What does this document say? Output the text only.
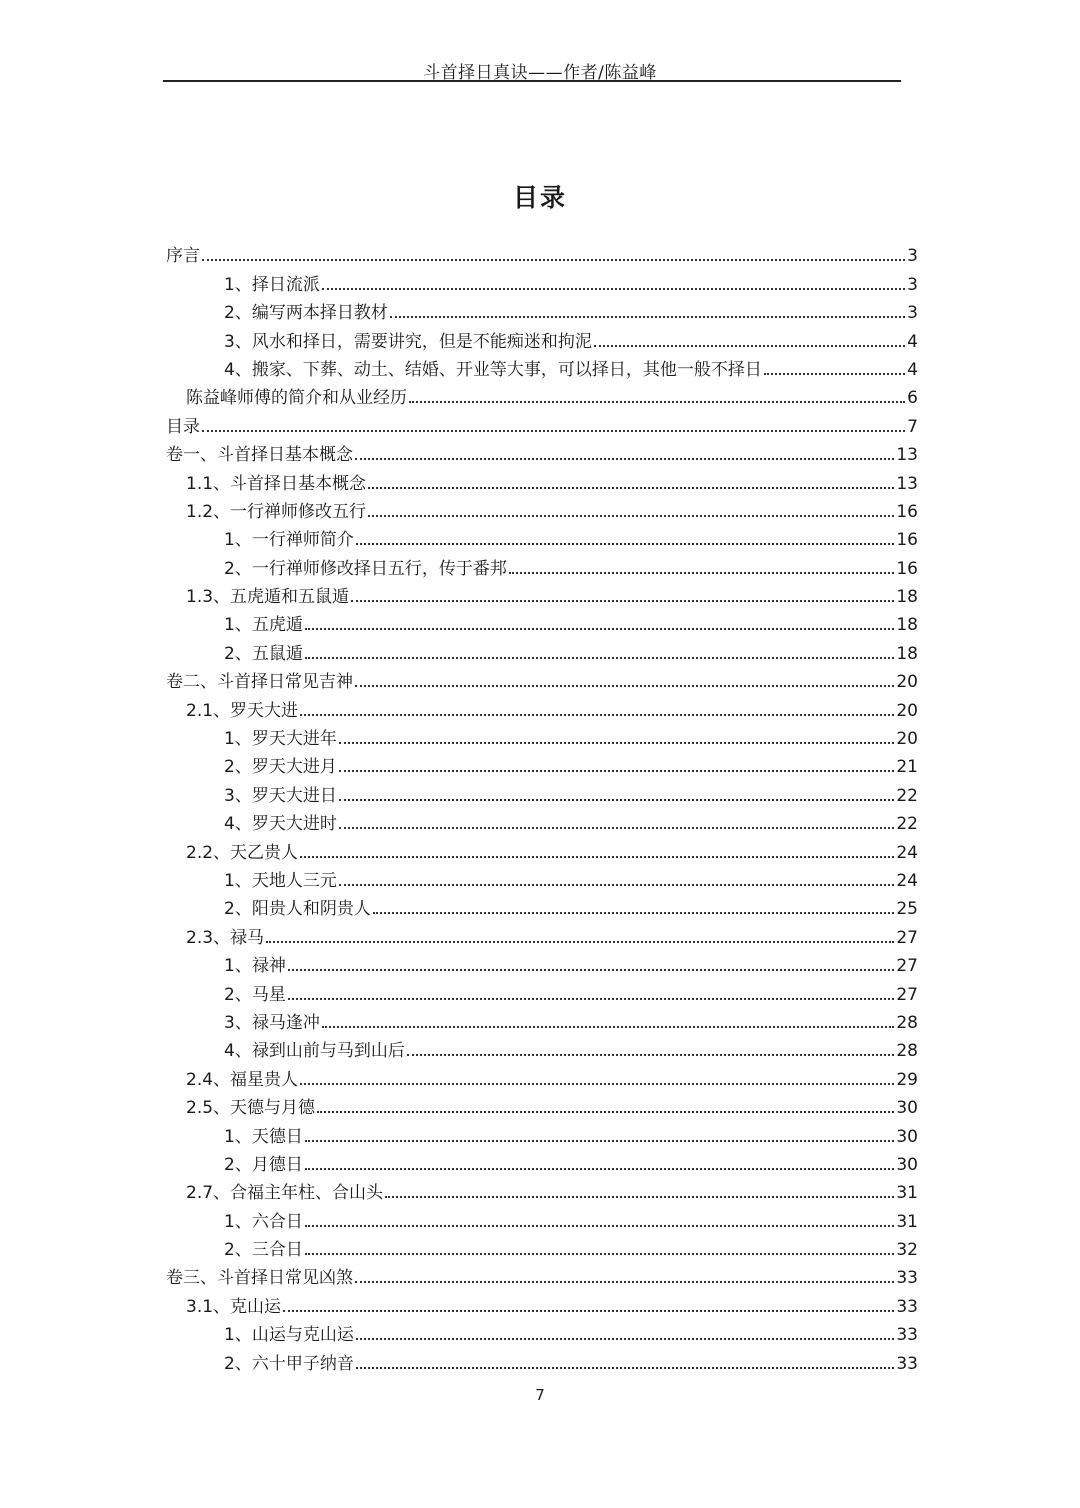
斗首择日真诀——作者/陈益峰
目录
序言	3
1、择日流派	3
2、编写两本择日教材	3
3、风水和择日，需要讲究，但是不能痴迷和拘泥	4
4、搬家、下葬、动土、结婚、开业等大事，可以择日，其他一般不择日	4
陈益峰师傅的简介和从业经历	6
目录	7
卷一、斗首择日基本概念	13
1.1、斗首择日基本概念	13
1.2、一行禅师修改五行	16
1、一行禅师简介	16
2、一行禅师修改择日五行，传于番邦	16
1.3、五虎遁和五鼠遁	18
1、五虎遁	18
2、五鼠遁	18
卷二、斗首择日常见吉神	20
2.1、罗天大进	20
1、罗天大进年	20
2、罗天大进月	21
3、罗天大进日	22
4、罗天大进时	22
2.2、天乙贵人	24
1、天地人三元	24
2、阳贵人和阴贵人	25
2.3、禄马	27
1、禄神	27
2、马星	27
3、禄马逢冲	28
4、禄到山前与马到山后	28
2.4、福星贵人	29
2.5、天德与月德	30
1、天德日	30
2、月德日	30
2.7、合福主年柱、合山头	31
1、六合日	31
2、三合日	32
卷三、斗首择日常见凶煞	33
3.1、克山运	33
1、山运与克山运	33
2、六十甲子纳音	33
7
